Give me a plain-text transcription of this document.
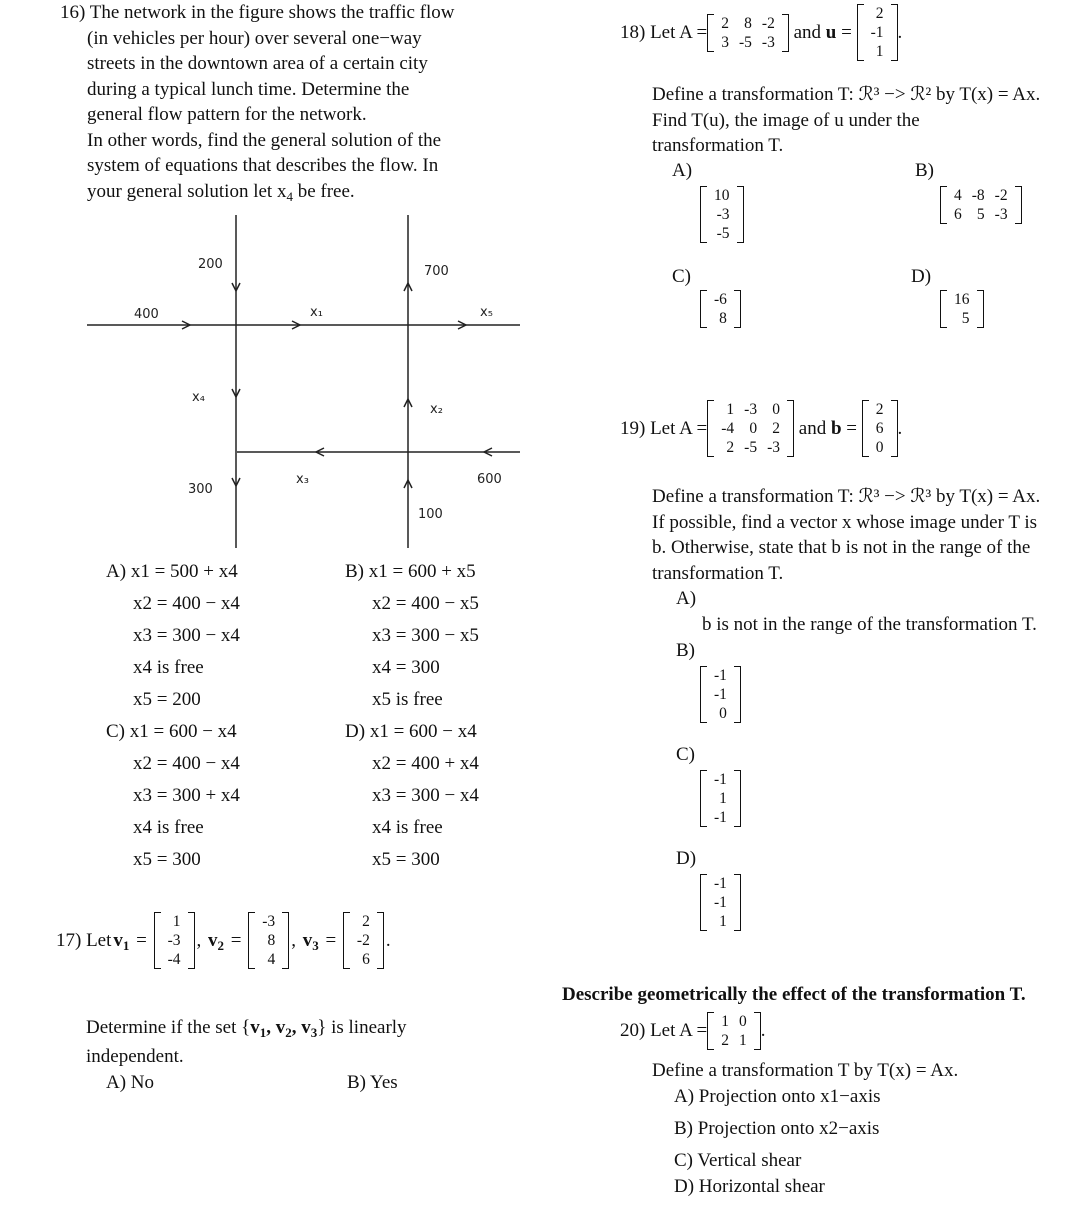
16) The network in the figure shows the traffic flow
(in vehicles per hour) over several one−way
streets in the downtown area of a certain city
during a typical lunch time. Determine the
general flow pattern for the network.
In other words, find the general solution of the
system of equations that describes the flow. In
your general solution let $x_4$ be free.
200	700
400	x₁	x₅
x₄
x₂
x₃	600
300
100
A) x1 = 500 + x4
x2 = 400 − x4
x3 = 300 − x4
x4 is free
x5 = 200
C) x1 = 600 − x4
x2 = 400 − x4
x3 = 300 + x4
x4 is free
x5 = 300
B) x1 = 600 + x5
x2 = 400 − x5
x3 = 300 − x5
x4 = 300
x5 is free
D) x1 = 600 − x4
x2 = 400 + x4
x3 = 300 − x4
x4 is free
x5 = 300
17) Let $v_1$ =
1
-3
-4
, $v_2$ =
-3
8
4
, $v_3$ =
2
-2
6
.
Determine if the set {$v_1$, $v_2$, $v_3$} is linearly
independent.
A) No	B) Yes
18) Let A = 2	8	-2
3	-5	-3 and u =
2
-1
1
.
Define a transformation T: ℛ³ −> ℛ² by T(x) = Ax.
Find T(u), the image of u under the
transformation T.
A)
10
-3
-5
B)
4	-8	-2
6	5	-3
C)
-6
8
D)
16
5
19) Let A =
1	-3	0
-4	0	2
2	-5	-3
and b =
2
6
0
.
Define a transformation T: ℛ³ −> ℛ³ by T(x) = Ax.
If possible, find a vector x whose image under T is
b. Otherwise, state that b is not in the range of the
transformation T.
A)
b is not in the range of the transformation T.
B)
-1
-1
0
C)
-1
1
-1
D)
-1
-1
1
Describe geometrically the effect of the transformation T.
20) Let A = 1	0
2	1 .
Define a transformation T by T(x) = Ax.
A) Projection onto x1−axis
B) Projection onto x2−axis
C) Vertical shear
D) Horizontal shear
